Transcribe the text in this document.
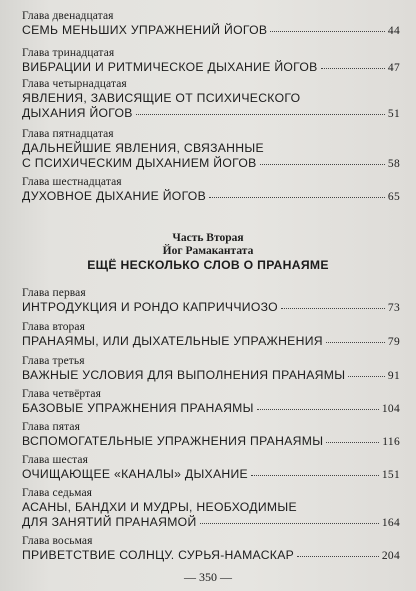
Глава двенадцатая
СЕМЬ МЕНЬШИХ УПРАЖНЕНИЙ ЙОГОВ	44
Глава тринадцатая
ВИБРАЦИИ И РИТМИЧЕСКОЕ ДЫХАНИЕ ЙОГОВ	47
Глава четырнадцатая
ЯВЛЕНИЯ, ЗАВИСЯЩИЕ ОТ ПСИХИЧЕСКОГО
ДЫХАНИЯ ЙОГОВ	51
Глава пятнадцатая
ДАЛЬНЕЙШИЕ ЯВЛЕНИЯ, СВЯЗАННЫЕ
С ПСИХИЧЕСКИМ ДЫХАНИЕМ ЙОГОВ	58
Глава шестнадцатая
ДУХОВНОЕ ДЫХАНИЕ ЙОГОВ	65
Часть Вторая
Йог Рамакантата
ЕЩЁ НЕСКОЛЬКО СЛОВ О ПРАНАЯМЕ
Глава первая
ИНТРОДУКЦИЯ И РОНДО КАПРИЧЧИОЗО	73
Глава вторая
ПРАНАЯМЫ, ИЛИ ДЫХАТЕЛЬНЫЕ УПРАЖНЕНИЯ	79
Глава третья
ВАЖНЫЕ УСЛОВИЯ ДЛЯ ВЫПОЛНЕНИЯ ПРАНАЯМЫ	91
Глава четвёртая
БАЗОВЫЕ УПРАЖНЕНИЯ ПРАНАЯМЫ	104
Глава пятая
ВСПОМОГАТЕЛЬНЫЕ УПРАЖНЕНИЯ ПРАНАЯМЫ	116
Глава шестая
ОЧИЩАЮЩЕЕ «КАНАЛЫ» ДЫХАНИЕ	151
Глава седьмая
АСАНЫ, БАНДХИ И МУДРЫ, НЕОБХОДИМЫЕ
ДЛЯ ЗАНЯТИЙ ПРАНАЯМОЙ	164
Глава восьмая
ПРИВЕТСТВИЕ СОЛНЦУ. СУРЬЯ-НАМАСКАР	204
— 350 —
